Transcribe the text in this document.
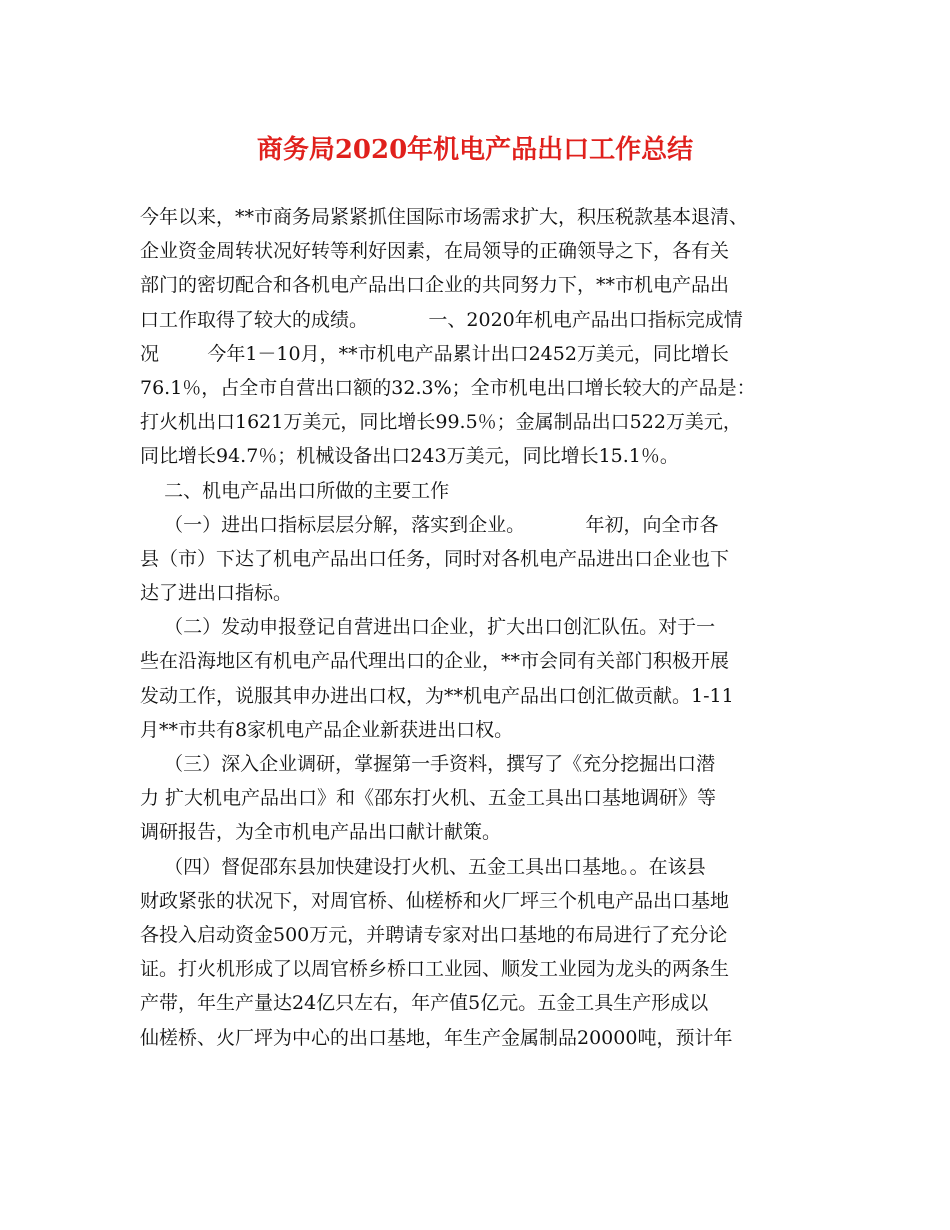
商务局2020年机电产品出口工作总结
今年以来，**市商务局紧紧抓住国际市场需求扩大，积压税款基本退清、
企业资金周转状况好转等利好因素，在局领导的正确领导之下，各有关
部门的密切配合和各机电产品出口企业的共同努力下，**市机电产品出
口工作取得了较大的成绩。          一、2020年机电产品出口指标完成情
况        今年1－10月，**市机电产品累计出口2452万美元，同比增长
76.1％，占全市自营出口额的32.3%；全市机电出口增长较大的产品是：
打火机出口1621万美元，同比增长99.5％；金属制品出口522万美元，
同比增长94.7％；机械设备出口243万美元，同比增长15.1％。
二、机电产品出口所做的主要工作
（一）进出口指标层层分解，落实到企业。          年初，向全市各
县（市）下达了机电产品出口任务，同时对各机电产品进出口企业也下
达了进出口指标。
（二）发动申报登记自营进出口企业，扩大出口创汇队伍。对于一
些在沿海地区有机电产品代理出口的企业，**市会同有关部门积极开展
发动工作，说服其申办进出口权，为**机电产品出口创汇做贡献。1-11
月**市共有8家机电产品企业新获进出口权。
（三）深入企业调研，掌握第一手资料，撰写了《充分挖掘出口潜
力 扩大机电产品出口》和《邵东打火机、五金工具出口基地调研》等
调研报告，为全市机电产品出口献计献策。
（四）督促邵东县加快建设打火机、五金工具出口基地。。在该县
财政紧张的状况下，对周官桥、仙槎桥和火厂坪三个机电产品出口基地
各投入启动资金500万元，并聘请专家对出口基地的布局进行了充分论
证。打火机形成了以周官桥乡桥口工业园、顺发工业园为龙头的两条生
产带，年生产量达24亿只左右，年产值5亿元。五金工具生产形成以
仙槎桥、火厂坪为中心的出口基地，年生产金属制品20000吨，预计年
